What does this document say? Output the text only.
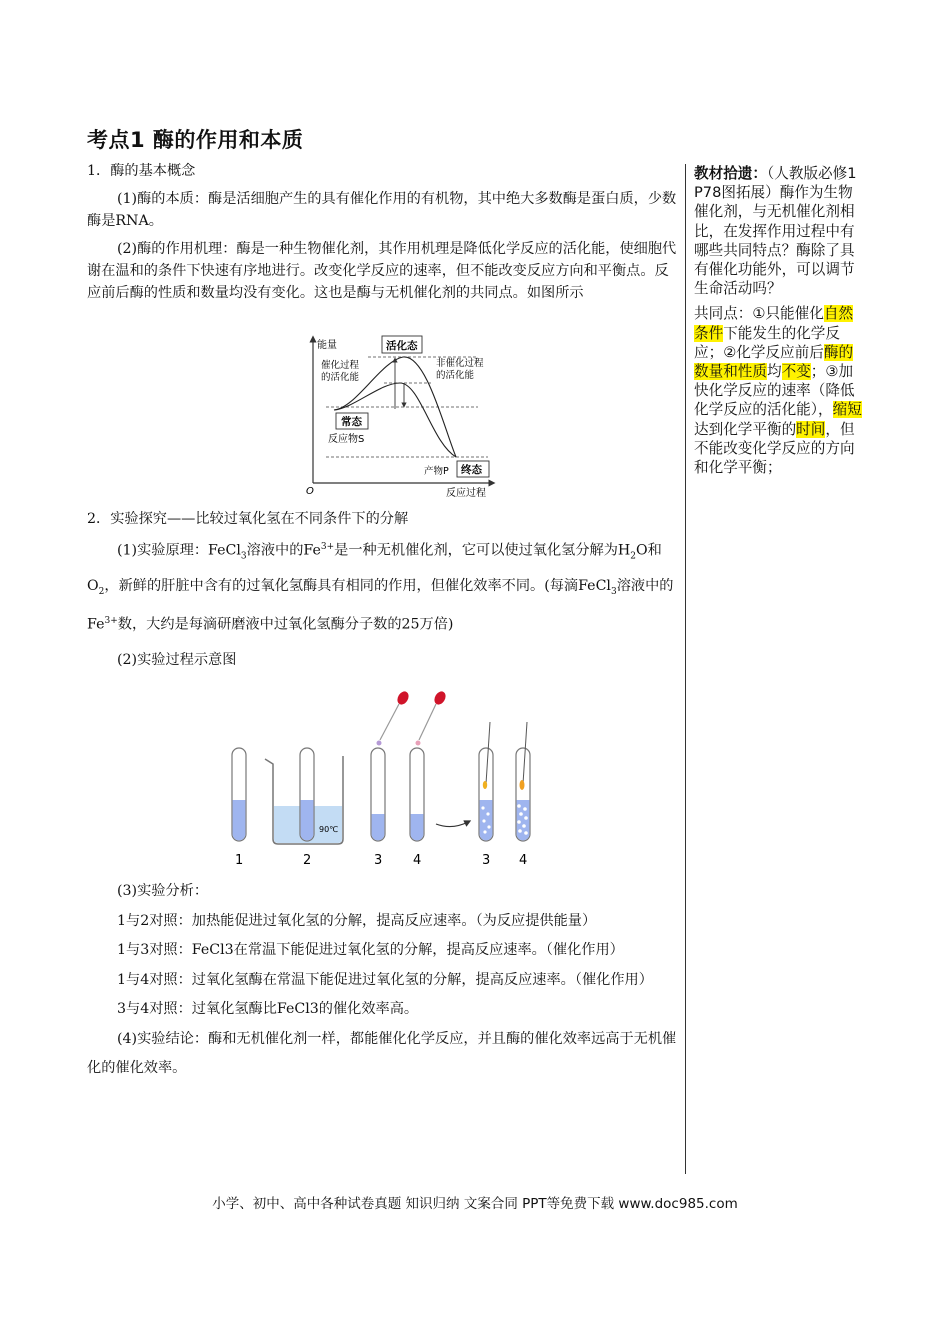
考点1 酶的作用和本质

1．酶的基本概念

(1)酶的本质：酶是活细胞产生的具有催化作用的有机物，其中绝大多数酶是蛋白质，少数酶是RNA。

(2)酶的作用机理：酶是一种生物催化剂，其作用机理是降低化学反应的活化能，使细胞代谢在温和的条件下快速有序地进行。改变化学反应的速率，但不能改变反应方向和平衡点。反应前后酶的性质和数量均没有变化。这也是酶与无机催化剂的共同点。如图所示

能量
O	反应过程
活化态
催化过程
的活化能
非催化过程
的活化能
常态
反应物S
终态
产物P

2．实验探究——比较过氧化氢在不同条件下的分解

(1)实验原理：FeCl$_3$溶液中的$Fe^{3+}$是一种无机催化剂，它可以使过氧化氢分解为$H_2O$和$O_2$，新鲜的肝脏中含有的过氧化氢酶具有相同的作用，但催化效率不同。(每滴FeCl$_3$溶液中的$Fe^{3+}$数，大约是每滴研磨液中过氧化氢酶分子数的25万倍)

(2)实验过程示意图

90℃
1	2	3 4	3 4

(3)实验分析：

1与2对照：加热能促进过氧化氢的分解，提高反应速率。（为反应提供能量）

1与3对照：FeCl3在常温下能促进过氧化氢的分解，提高反应速率。（催化作用）

1与4对照：过氧化氢酶在常温下能促进过氧化氢的分解，提高反应速率。（催化作用）

3与4对照：过氧化氢酶比FeCl3的催化效率高。

(4)实验结论：酶和无机催化剂一样，都能催化化学反应，并且酶的催化效率远高于无机催化的催化效率。

教材拾遗：（人教版必修1 P78图拓展）酶作为生物催化剂，与无机催化剂相比，在发挥作用过程中有哪些共同特点？酶除了具有催化功能外，可以调节生命活动吗？

共同点：①只能催化自然条件下能发生的化学反应；②化学反应前后酶的数量和性质均不变；③加快化学反应的速率（降低化学反应的活化能），缩短达到化学平衡的时间，但不能改变化学反应的方向和化学平衡；

小学、初中、高中各种试卷真题 知识归纳 文案合同 PPT等免费下载 www.doc985.com
